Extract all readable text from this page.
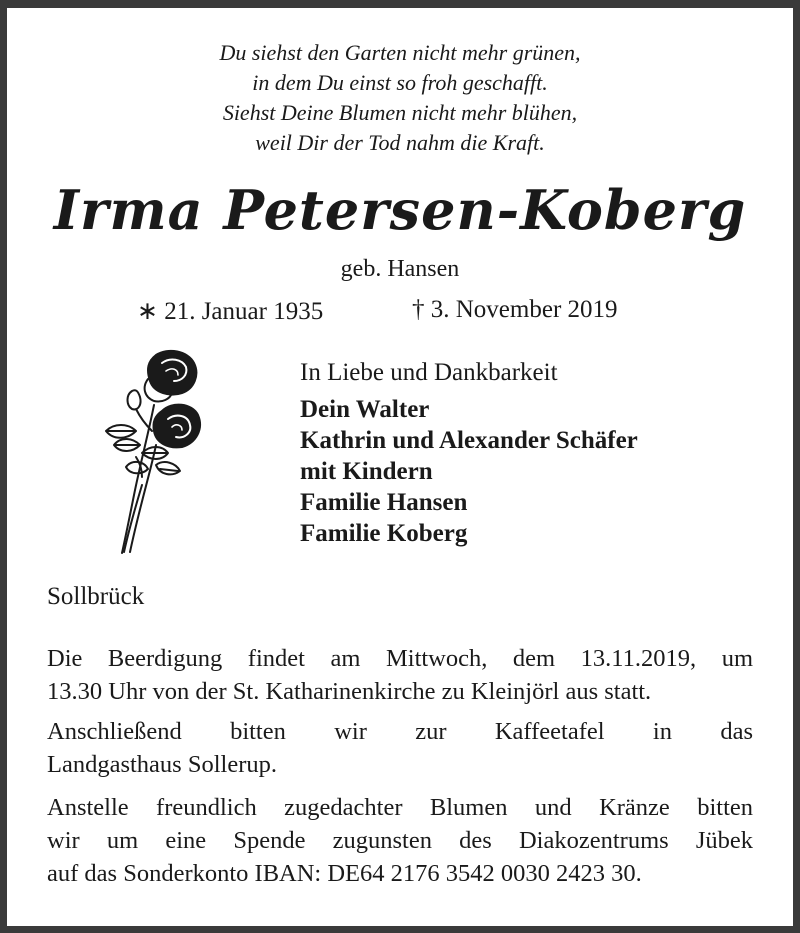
Du siehst den Garten nicht mehr grünen,
in dem Du einst so froh geschafft.
Siehst Deine Blumen nicht mehr blühen,
weil Dir der Tod nahm die Kraft.
Irma Petersen-Koberg
geb. Hansen
∗ 21. Januar 1935	† 3. November 2019
In Liebe und Dankbarkeit
Dein Walter
Kathrin und Alexander Schäfer
mit Kindern
Familie Hansen
Familie Koberg
Sollbrück
Die Beerdigung findet am Mittwoch, dem 13.11.2019, um
13.30 Uhr von der St. Katharinenkirche zu Kleinjörl aus statt.
Anschließend bitten wir zur Kaffeetafel in das
Landgasthaus Sollerup.
Anstelle freundlich zugedachter Blumen und Kränze bitten
wir um eine Spende zugunsten des Diakozentrums Jübek
auf das Sonderkonto IBAN: DE64 2176 3542 0030 2423 30.
